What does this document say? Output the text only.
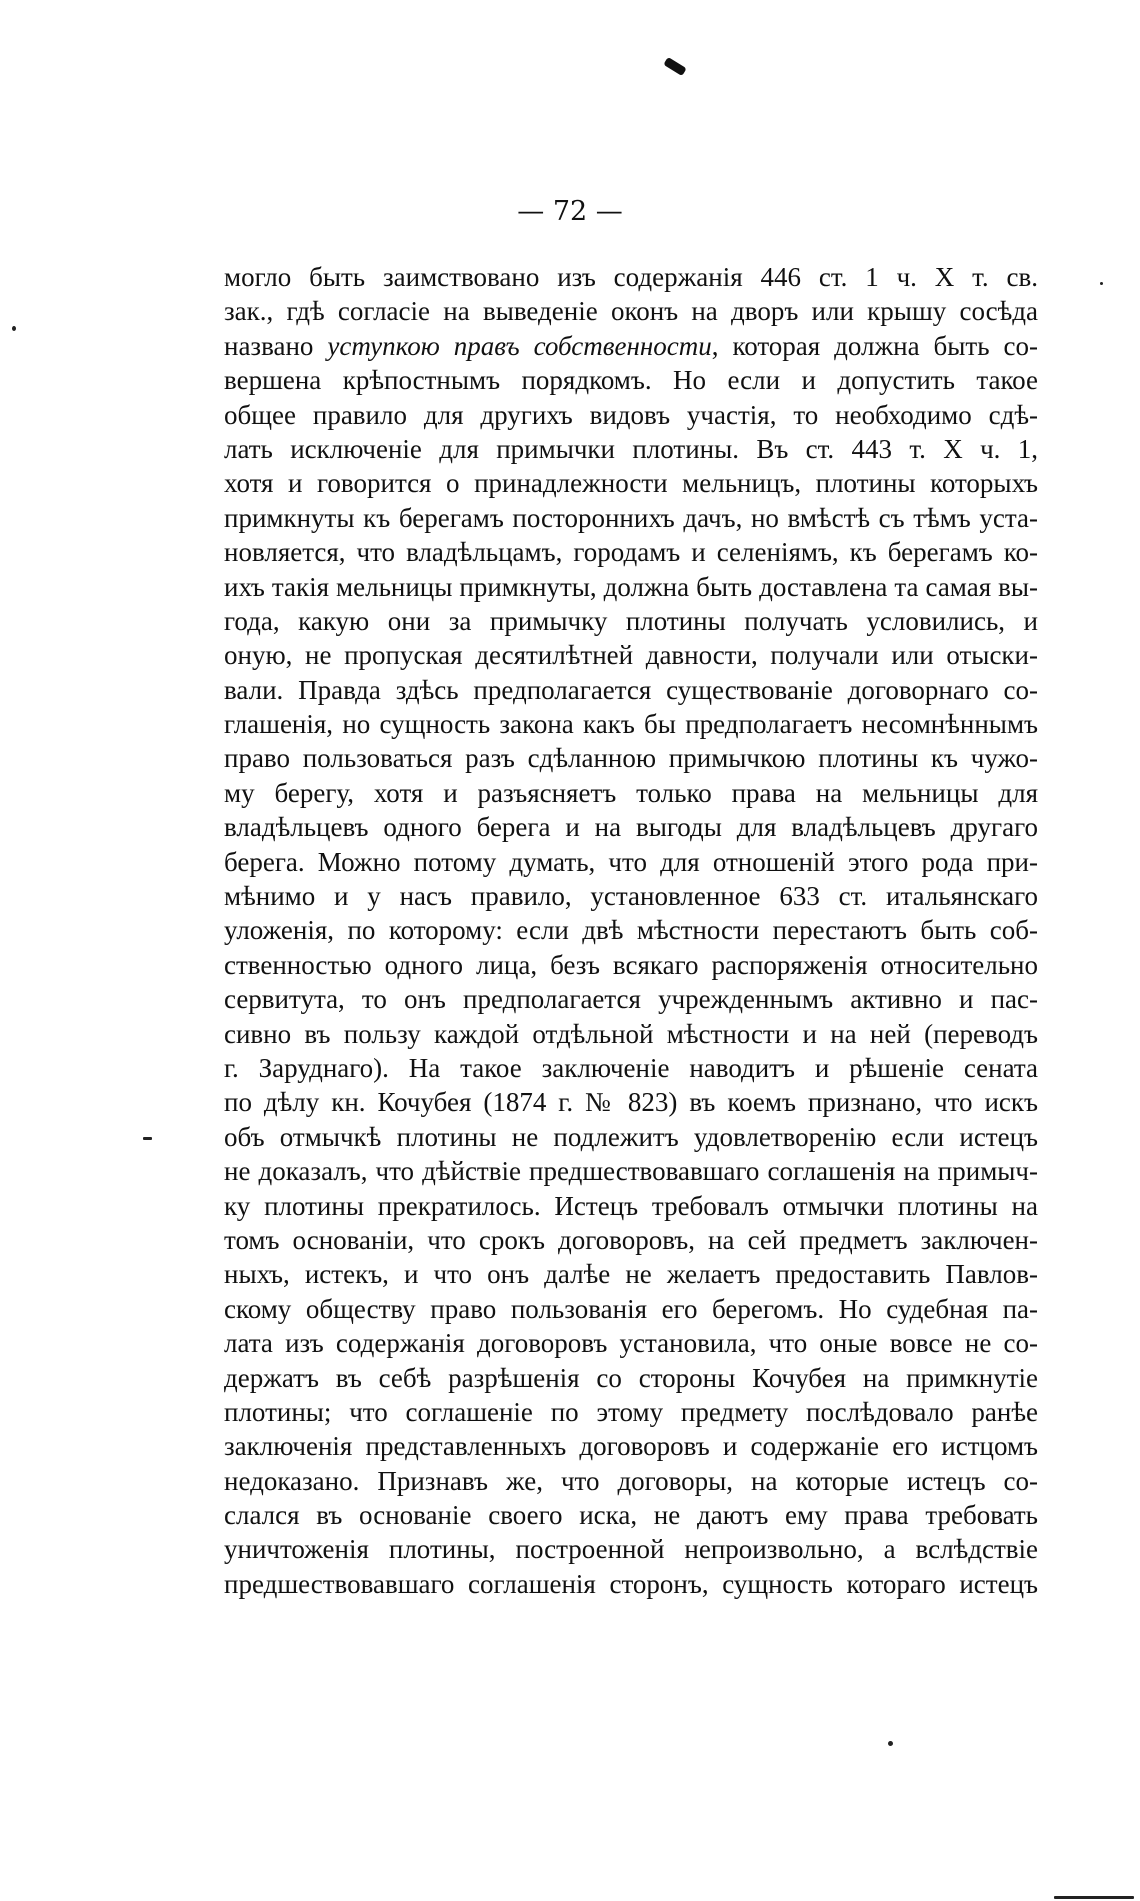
— 72 —
могло быть заимствовано изъ содержанія 446 ст. 1 ч. X т. св.
зак., гдѣ согласіе на выведеніе оконъ на дворъ или крышу сосѣда
названо уступкою правъ собственности, которая должна быть со-
вершена крѣпостнымъ порядкомъ. Но если и допустить такое
общее правило для другихъ видовъ участія, то необходимо сдѣ-
лать исключеніе для примычки плотины. Въ ст. 443 т. X ч. 1,
хотя и говорится о принадлежности мельницъ, плотины которыхъ
примкнуты къ берегамъ постороннихъ дачъ, но вмѣстѣ съ тѣмъ уста-
новляется, что владѣльцамъ, городамъ и селеніямъ, къ берегамъ ко-
ихъ такія мельницы примкнуты, должна быть доставлена та самая вы-
года, какую они за примычку плотины получать условились, и
оную, не пропуская десятилѣтней давности, получали или отыски-
вали. Правда здѣсь предполагается существованіе договорнаго со-
глашенія, но сущность закона какъ бы предполагаетъ несомнѣннымъ
право пользоваться разъ сдѣланною примычкою плотины къ чужо-
му берегу, хотя и разъясняетъ только права на мельницы для
владѣльцевъ одного берега и на выгоды для владѣльцевъ другаго
берега. Можно потому думать, что для отношеній этого рода при-
мѣнимо и у насъ правило, установленное 633 ст. итальянскаго
уложенія, по которому: если двѣ мѣстности перестаютъ быть соб-
ственностью одного лица, безъ всякаго распоряженія относительно
сервитута, то онъ предполагается учрежденнымъ активно и пас-
сивно въ пользу каждой отдѣльной мѣстности и на ней (переводъ
г. Заруднаго). На такое заключеніе наводитъ и рѣшеніе сената
по дѣлу кн. Кочубея (1874 г. № 823) въ коемъ признано, что искъ
объ отмычкѣ плотины не подлежитъ удовлетворенію если истецъ
не доказалъ, что дѣйствіе предшествовавшаго соглашенія на примыч-
ку плотины прекратилось. Истецъ требовалъ отмычки плотины на
томъ основаніи, что срокъ договоровъ, на сей предметъ заключен-
ныхъ, истекъ, и что онъ далѣе не желаетъ предоставить Павлов-
скому обществу право пользованія его берегомъ. Но судебная па-
лата изъ содержанія договоровъ установила, что оные вовсе не со-
держатъ въ себѣ разрѣшенія со стороны Кочубея на примкнутіе
плотины; что соглашеніе по этому предмету послѣдовало ранѣе
заключенія представленныхъ договоровъ и содержаніе его истцомъ
недоказано. Признавъ же, что договоры, на которые истецъ со-
слался въ основаніе своего иска, не даютъ ему права требовать
уничтоженія плотины, построенной непроизвольно, а вслѣдствіе
предшествовавшаго соглашенія сторонъ, сущность котораго истецъ
